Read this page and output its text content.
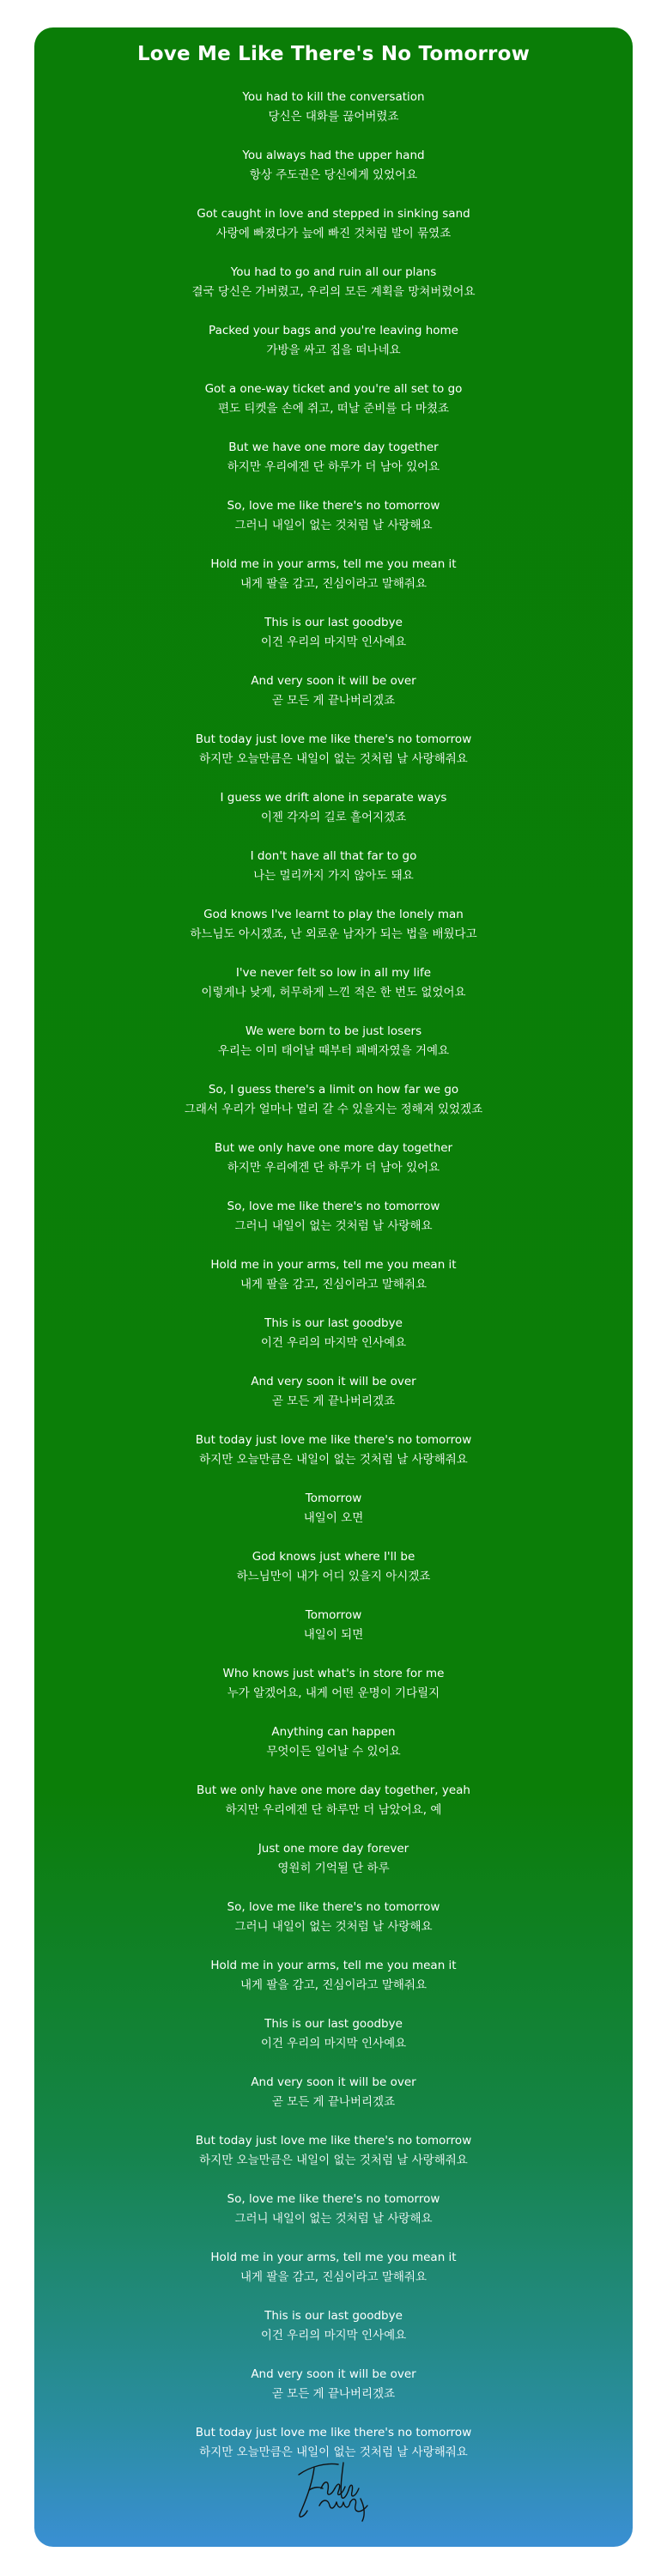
Love Me Like There's No Tomorrow
You had to kill the conversation
당신은 대화를 끊어버렸죠
You always had the upper hand
항상 주도권은 당신에게 있었어요
Got caught in love and stepped in sinking sand
사랑에 빠졌다가 늪에 빠진 것처럼 발이 묶였죠
You had to go and ruin all our plans
결국 당신은 가버렸고, 우리의 모든 계획을 망쳐버렸어요
Packed your bags and you're leaving home
가방을 싸고 집을 떠나네요
Got a one-way ticket and you're all set to go
편도 티켓을 손에 쥐고, 떠날 준비를 다 마쳤죠
But we have one more day together
하지만 우리에겐 단 하루가 더 남아 있어요
So, love me like there's no tomorrow
그러니 내일이 없는 것처럼 날 사랑해요
Hold me in your arms, tell me you mean it
내게 팔을 감고, 진심이라고 말해줘요
This is our last goodbye
이건 우리의 마지막 인사예요
And very soon it will be over
곧 모든 게 끝나버리겠죠
But today just love me like there's no tomorrow
하지만 오늘만큼은 내일이 없는 것처럼 날 사랑해줘요
I guess we drift alone in separate ways
이젠 각자의 길로 흩어지겠죠
I don't have all that far to go
나는 멀리까지 가지 않아도 돼요
God knows I've learnt to play the lonely man
하느님도 아시겠죠, 난 외로운 남자가 되는 법을 배웠다고
I've never felt so low in all my life
이렇게나 낮게, 허무하게 느낀 적은 한 번도 없었어요
We were born to be just losers
우리는 이미 태어날 때부터 패배자였을 거예요
So, I guess there's a limit on how far we go
그래서 우리가 얼마나 멀리 갈 수 있을지는 정해져 있었겠죠
But we only have one more day together
하지만 우리에겐 단 하루가 더 남아 있어요
So, love me like there's no tomorrow
그러니 내일이 없는 것처럼 날 사랑해요
Hold me in your arms, tell me you mean it
내게 팔을 감고, 진심이라고 말해줘요
This is our last goodbye
이건 우리의 마지막 인사예요
And very soon it will be over
곧 모든 게 끝나버리겠죠
But today just love me like there's no tomorrow
하지만 오늘만큼은 내일이 없는 것처럼 날 사랑해줘요
Tomorrow
내일이 오면
God knows just where I'll be
하느님만이 내가 어디 있을지 아시겠죠
Tomorrow
내일이 되면
Who knows just what's in store for me
누가 알겠어요, 내게 어떤 운명이 기다릴지
Anything can happen
무엇이든 일어날 수 있어요
But we only have one more day together, yeah
하지만 우리에겐 단 하루만 더 남았어요, 예
Just one more day forever
영원히 기억될 단 하루
So, love me like there's no tomorrow
그러니 내일이 없는 것처럼 날 사랑해요
Hold me in your arms, tell me you mean it
내게 팔을 감고, 진심이라고 말해줘요
This is our last goodbye
이건 우리의 마지막 인사예요
And very soon it will be over
곧 모든 게 끝나버리겠죠
But today just love me like there's no tomorrow
하지만 오늘만큼은 내일이 없는 것처럼 날 사랑해줘요
So, love me like there's no tomorrow
그러니 내일이 없는 것처럼 날 사랑해요
Hold me in your arms, tell me you mean it
내게 팔을 감고, 진심이라고 말해줘요
This is our last goodbye
이건 우리의 마지막 인사예요
And very soon it will be over
곧 모든 게 끝나버리겠죠
But today just love me like there's no tomorrow
하지만 오늘만큼은 내일이 없는 것처럼 날 사랑해줘요
